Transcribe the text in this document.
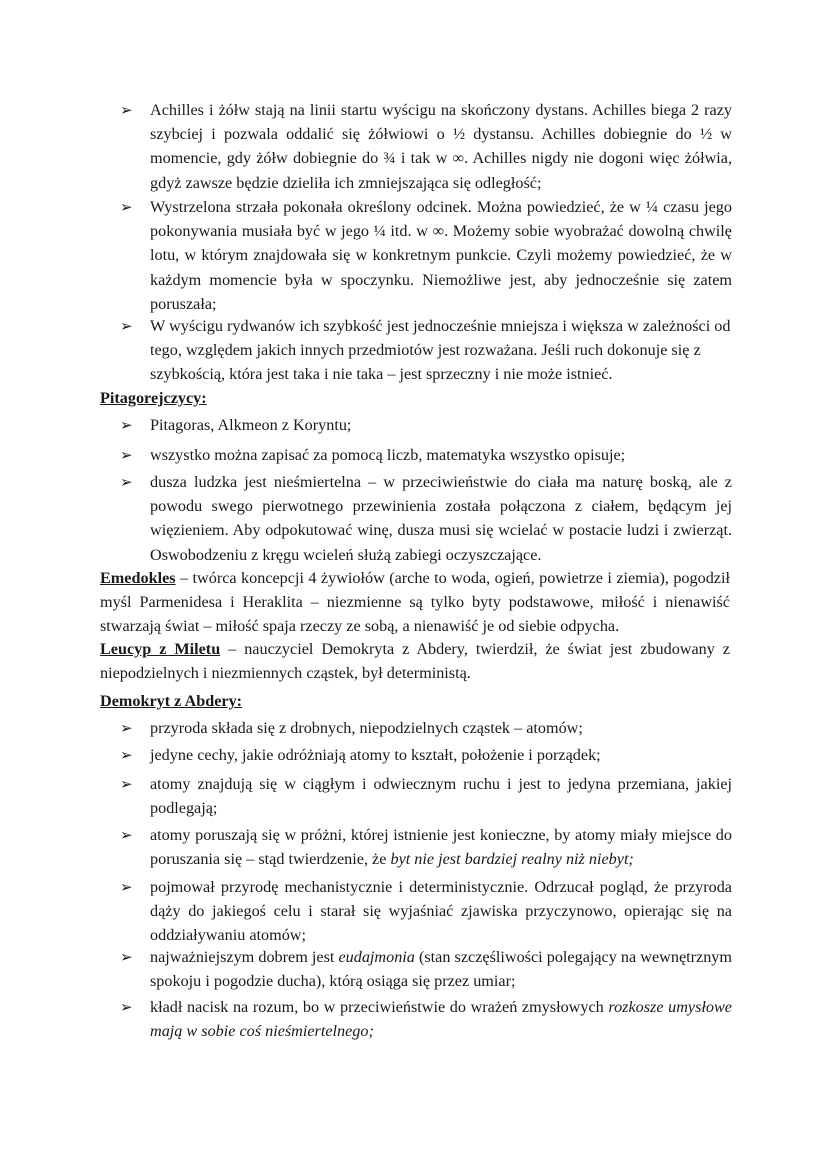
➢	Achilles i żółw stają na linii startu wyścigu na skończony dystans. Achilles biega 2 razy szybciej i pozwala oddalić się żółwiowi o ½ dystansu. Achilles dobiegnie do ½ w momencie, gdy żółw dobiegnie do ¾ i tak w ∞. Achilles nigdy nie dogoni więc żółwia, gdyż zawsze będzie dzieliła ich zmniejszająca się odległość;
➢	Wystrzelona strzała pokonała określony odcinek. Można powiedzieć, że w ¼ czasu jego pokonywania musiała być w jego ¼ itd. w ∞. Możemy sobie wyobrażać dowolną chwilę lotu, w którym znajdowała się w konkretnym punkcie. Czyli możemy powiedzieć, że w każdym momencie była w spoczynku. Niemożliwe jest, aby jednocześnie się zatem poruszała;
➢	W wyścigu rydwanów ich szybkość jest jednocześnie mniejsza i większa w zależności od tego, względem jakich innych przedmiotów jest rozważana. Jeśli ruch dokonuje się z szybkością, która jest taka i nie taka – jest sprzeczny i nie może istnieć.
Pitagorejczycy:
➢	Pitagoras, Alkmeon z Koryntu;
➢	wszystko można zapisać za pomocą liczb, matematyka wszystko opisuje;
➢	dusza ludzka jest nieśmiertelna – w przeciwieństwie do ciała ma naturę boską, ale z powodu swego pierwotnego przewinienia została połączona z ciałem, będącym jej więzieniem. Aby odpokutować winę, dusza musi się wcielać w postacie ludzi i zwierząt. Oswobodzeniu z kręgu wcieleń służą zabiegi oczyszczające.
Emedokles – twórca koncepcji 4 żywiołów (arche to woda, ogień, powietrze i ziemia), pogodził myśl Parmenidesa i Heraklita – niezmienne są tylko byty podstawowe, miłość i nienawiść stwarzają świat – miłość spaja rzeczy ze sobą, a nienawiść je od siebie odpycha.
Leucyp z Miletu – nauczyciel Demokryta z Abdery, twierdził, że świat jest zbudowany z niepodzielnych i niezmiennych cząstek, był deterministą.
Demokryt z Abdery:
➢	przyroda składa się z drobnych, niepodzielnych cząstek – atomów;
➢	jedyne cechy, jakie odróżniają atomy to kształt, położenie i porządek;
➢	atomy znajdują się w ciągłym i odwiecznym ruchu i jest to jedyna przemiana, jakiej podlegają;
➢	atomy poruszają się w próżni, której istnienie jest konieczne, by atomy miały miejsce do poruszania się – stąd twierdzenie, że byt nie jest bardziej realny niż niebyt;
➢	pojmował przyrodę mechanistycznie i deterministycznie. Odrzucał pogląd, że przyroda dąży do jakiegoś celu i starał się wyjaśniać zjawiska przyczynowo, opierając się na oddziaływaniu atomów;
➢	najważniejszym dobrem jest eudajmonia (stan szczęśliwości polegający na wewnętrznym spokoju i pogodzie ducha), którą osiąga się przez umiar;
➢	kładł nacisk na rozum, bo w przeciwieństwie do wrażeń zmysłowych rozkosze umysłowe mają w sobie coś nieśmiertelnego;
